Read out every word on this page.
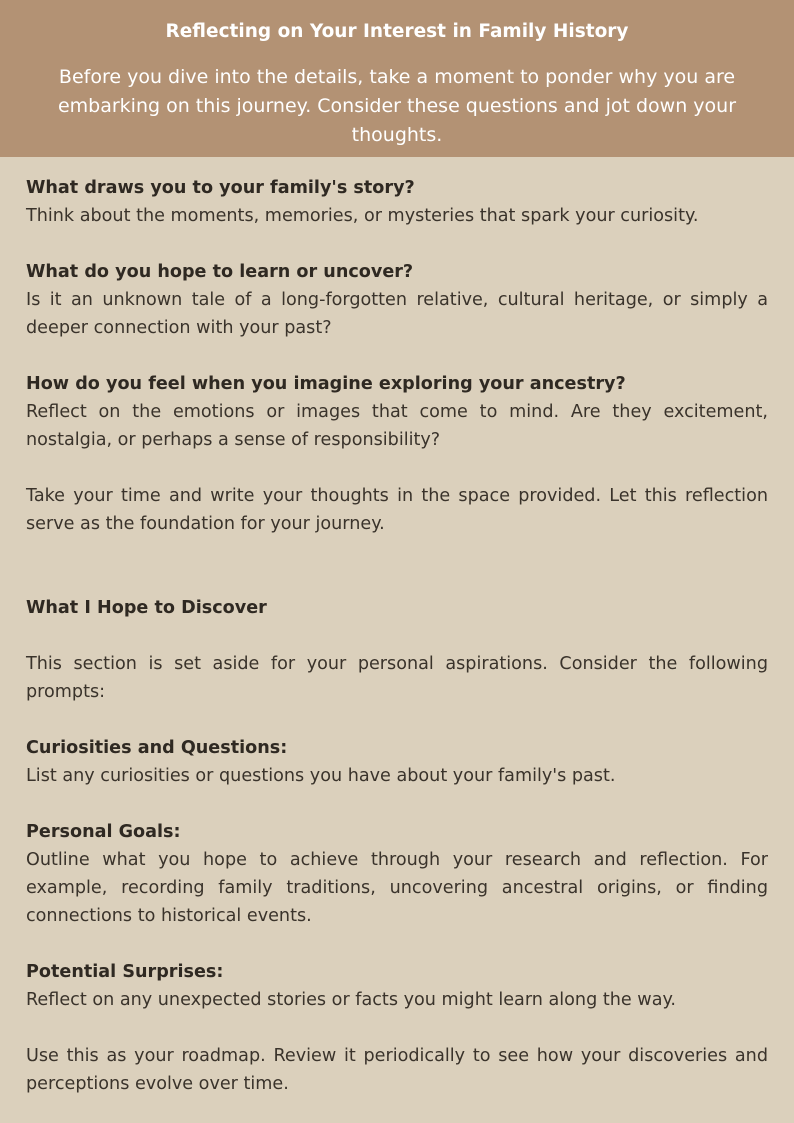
Reflecting on Your Interest in Family History

Before you dive into the details, take a moment to ponder why you are embarking on this journey. Consider these questions and jot down your thoughts.

What draws you to your family's story?
Think about the moments, memories, or mysteries that spark your curiosity.

What do you hope to learn or uncover?
Is it an unknown tale of a long-forgotten relative, cultural heritage, or simply a deeper connection with your past?

How do you feel when you imagine exploring your ancestry?
Reflect on the emotions or images that come to mind. Are they excitement, nostalgia, or perhaps a sense of responsibility?

Take your time and write your thoughts in the space provided. Let this reflection serve as the foundation for your journey.

What I Hope to Discover

This section is set aside for your personal aspirations. Consider the following prompts:

Curiosities and Questions:
List any curiosities or questions you have about your family's past.

Personal Goals:
Outline what you hope to achieve through your research and reflection. For example, recording family traditions, uncovering ancestral origins, or finding connections to historical events.

Potential Surprises:
Reflect on any unexpected stories or facts you might learn along the way.

Use this as your roadmap. Review it periodically to see how your discoveries and perceptions evolve over time.
